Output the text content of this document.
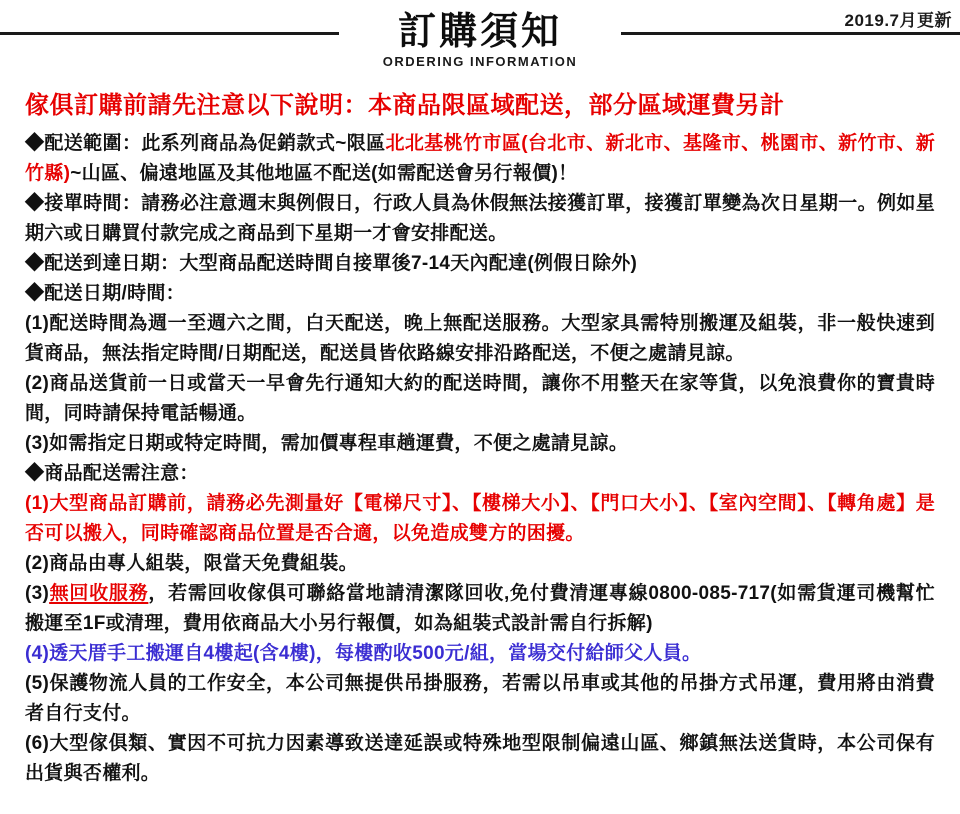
2019.7月更新
訂購須知
ORDERING INFORMATION
傢俱訂購前請先注意以下說明：本商品限區域配送，部分區域運費另計

◆配送範圍：此系列商品為促銷款式~限區北北基桃竹市區(台北市、新北市、基隆市、桃園市、新竹市、新竹縣)~山區、偏遠地區及其他地區不配送(如需配送會另行報價)！

◆接單時間：請務必注意週末與例假日，行政人員為休假無法接獲訂單，接獲訂單變為次日星期一。例如星期六或日購買付款完成之商品到下星期一才會安排配送。

◆配送到達日期：大型商品配送時間自接單後7-14天內配達(例假日除外)

◆配送日期/時間：

(1)配送時間為週一至週六之間，白天配送，晚上無配送服務。大型家具需特別搬運及組裝，非一般快速到貨商品，無法指定時間/日期配送，配送員皆依路線安排沿路配送，不便之處請見諒。

(2)商品送貨前一日或當天一早會先行通知大約的配送時間，讓你不用整天在家等貨，以免浪費你的寶貴時間，同時請保持電話暢通。

(3)如需指定日期或特定時間，需加價專程車趟運費，不便之處請見諒。

◆商品配送需注意：

(1)大型商品訂購前，請務必先測量好【電梯尺寸】、【樓梯大小】、【門口大小】、【室內空間】、【轉角處】是否可以搬入，同時確認商品位置是否合適，以免造成雙方的困擾。

(2)商品由專人組裝，限當天免費組裝。

(3)無回收服務，若需回收傢俱可聯絡當地請清潔隊回收,免付費清運專線0800-085-717(如需貨運司機幫忙搬運至1F或清理，費用依商品大小另行報價，如為組裝式設計需自行拆解)

(4)透天厝手工搬運自4樓起(含4樓)，每樓酌收500元/組，當場交付給師父人員。

(5)保護物流人員的工作安全，本公司無提供吊掛服務，若需以吊車或其他的吊掛方式吊運，費用將由消費者自行支付。

(6)大型傢俱類、實因不可抗力因素導致送達延誤或特殊地型限制偏遠山區、鄉鎮無法送貨時，本公司保有出貨與否權利。
